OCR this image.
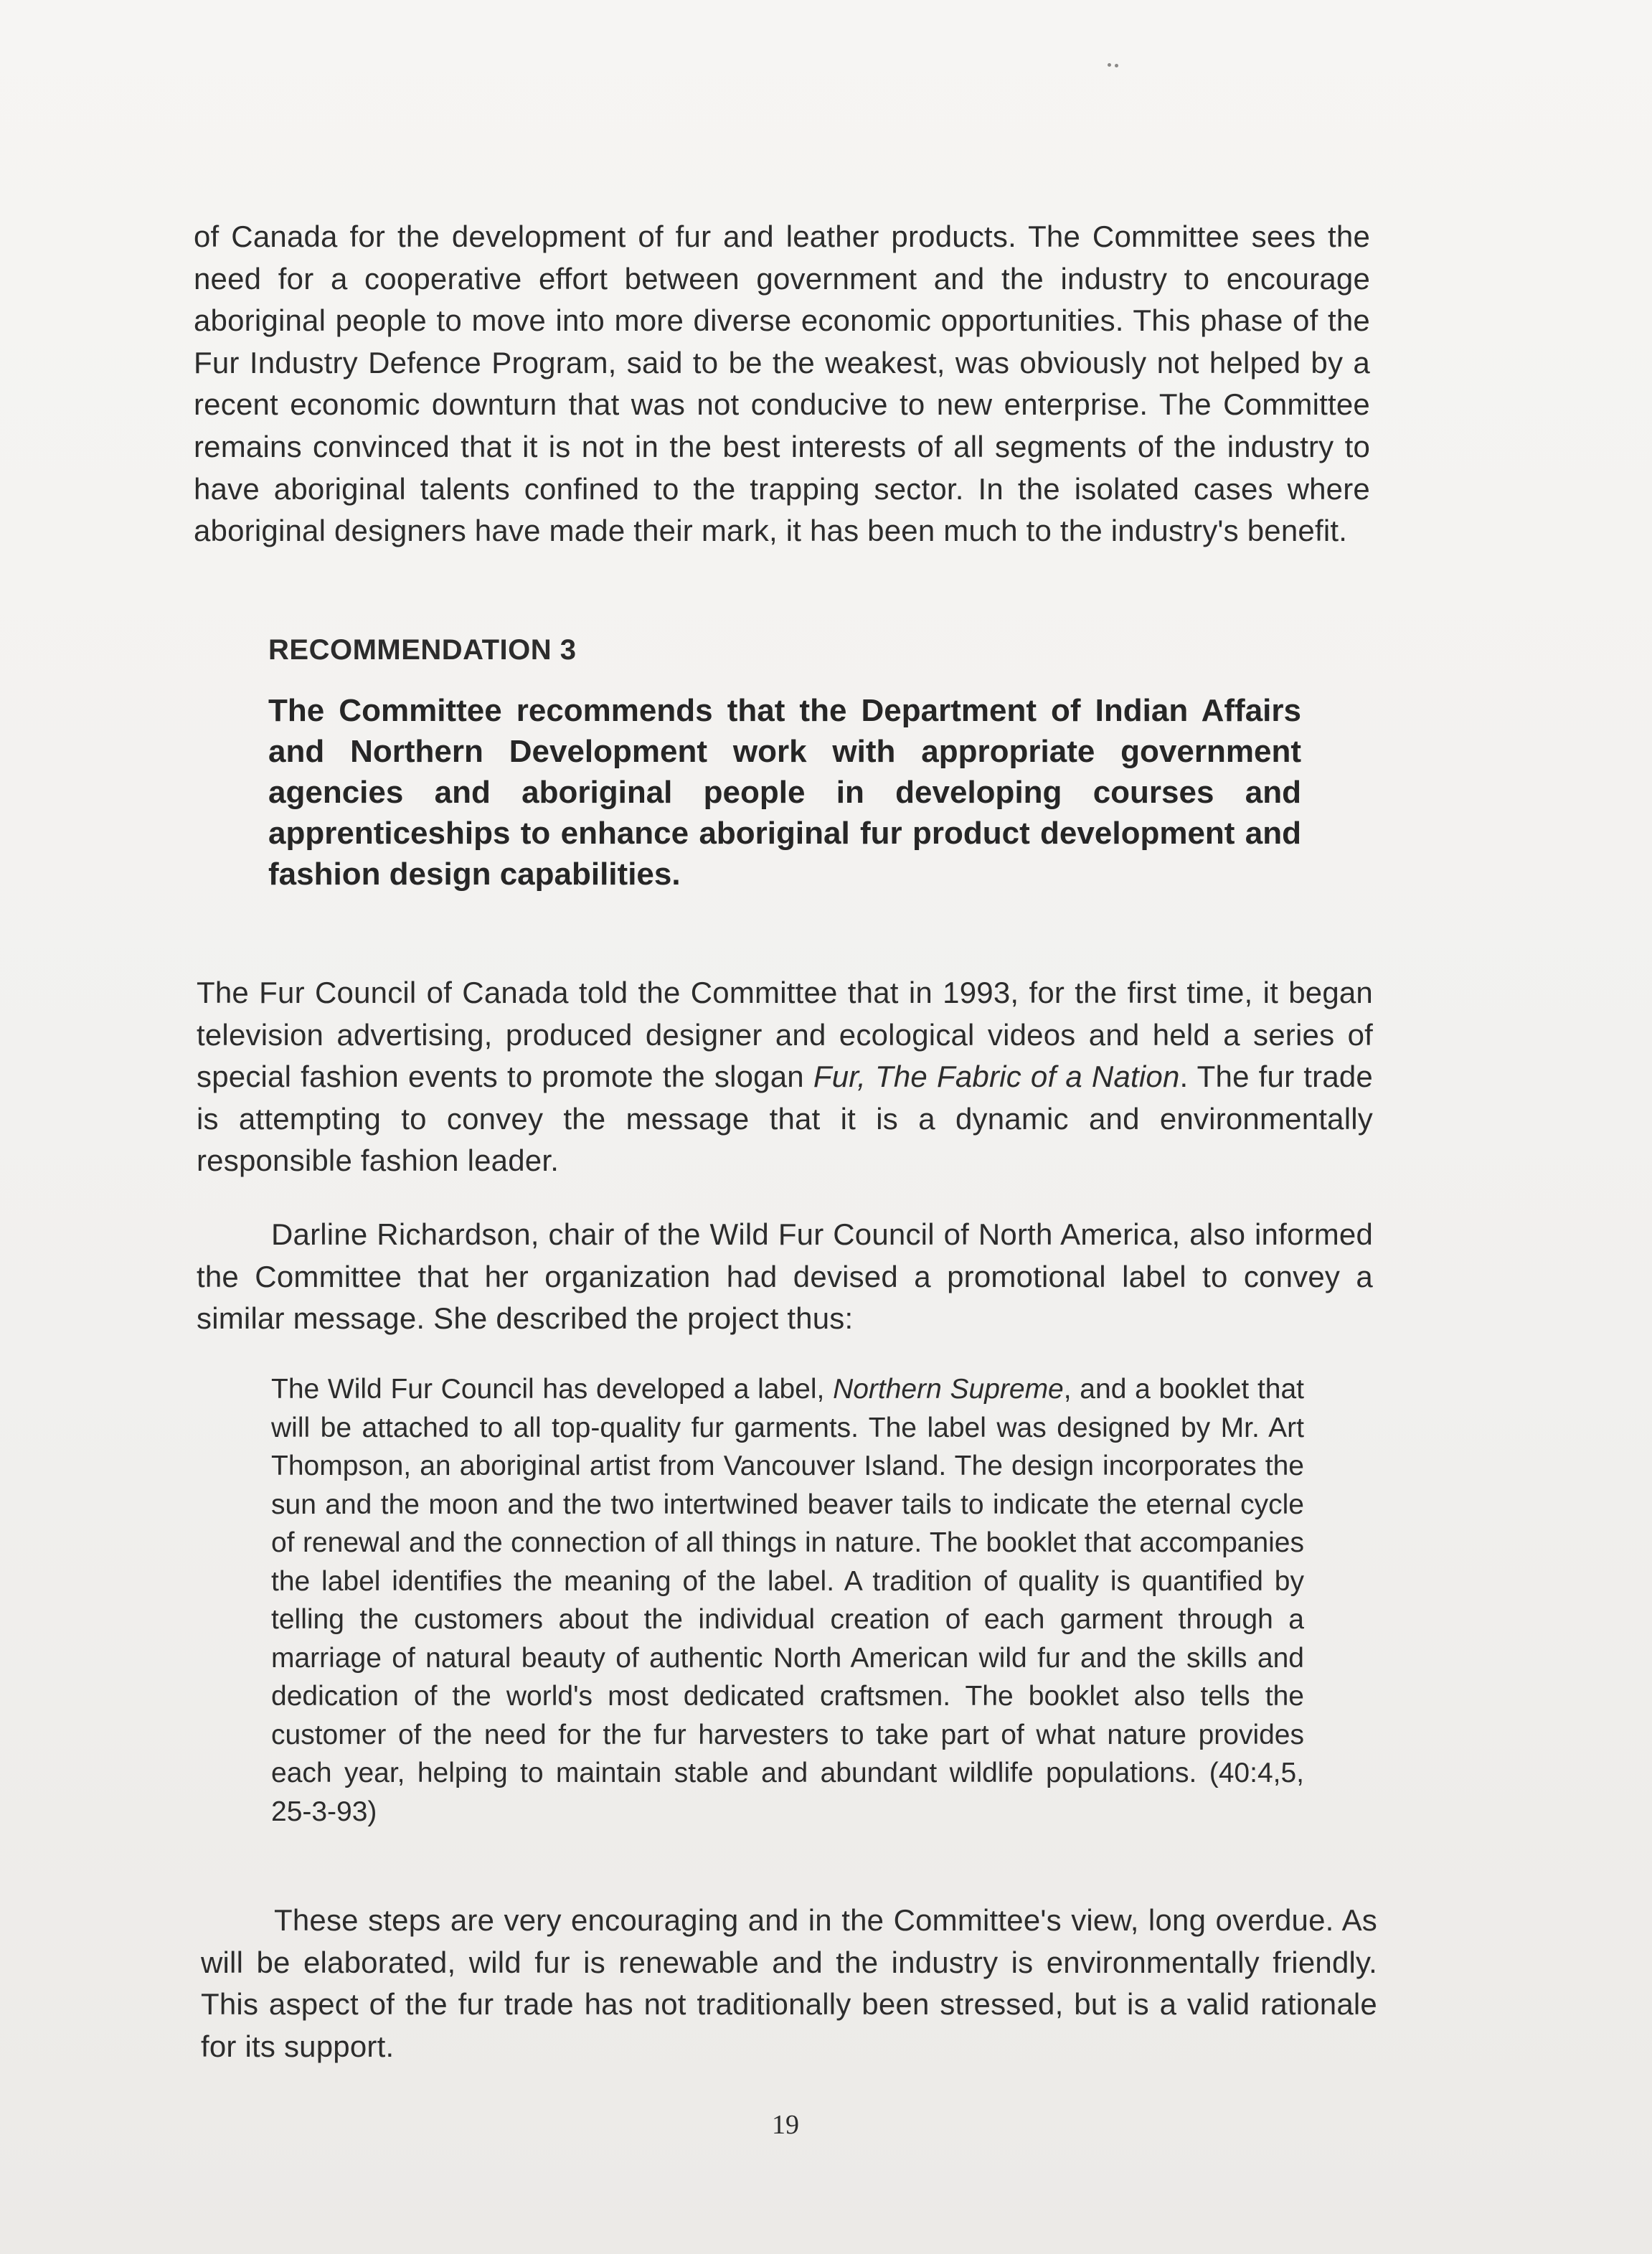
of Canada for the development of fur and leather products. The Committee sees the need for a cooperative effort between government and the industry to encourage aboriginal people to move into more diverse economic opportunities. This phase of the Fur Industry Defence Program, said to be the weakest, was obviously not helped by a recent economic downturn that was not conducive to new enterprise. The Committee remains convinced that it is not in the best interests of all segments of the industry to have aboriginal talents confined to the trapping sector. In the isolated cases where aboriginal designers have made their mark, it has been much to the industry's benefit.

RECOMMENDATION 3

The Committee recommends that the Department of Indian Affairs and Northern Development work with appropriate government agencies and aboriginal people in developing courses and apprenticeships to enhance aboriginal fur product development and fashion design capabilities.

The Fur Council of Canada told the Committee that in 1993, for the first time, it began television advertising, produced designer and ecological videos and held a series of special fashion events to promote the slogan Fur, The Fabric of a Nation. The fur trade is attempting to convey the message that it is a dynamic and environmentally responsible fashion leader.

Darline Richardson, chair of the Wild Fur Council of North America, also informed the Committee that her organization had devised a promotional label to convey a similar message. She described the project thus:

The Wild Fur Council has developed a label, Northern Supreme, and a booklet that will be attached to all top-quality fur garments. The label was designed by Mr. Art Thompson, an aboriginal artist from Vancouver Island. The design incorporates the sun and the moon and the two intertwined beaver tails to indicate the eternal cycle of renewal and the connection of all things in nature. The booklet that accompanies the label identifies the meaning of the label. A tradition of quality is quantified by telling the customers about the individual creation of each garment through a marriage of natural beauty of authentic North American wild fur and the skills and dedication of the world's most dedicated craftsmen. The booklet also tells the customer of the need for the fur harvesters to take part of what nature provides each year, helping to maintain stable and abundant wildlife populations. (40:4,5, 25-3-93)

These steps are very encouraging and in the Committee's view, long overdue. As will be elaborated, wild fur is renewable and the industry is environmentally friendly. This aspect of the fur trade has not traditionally been stressed, but is a valid rationale for its support.

19
